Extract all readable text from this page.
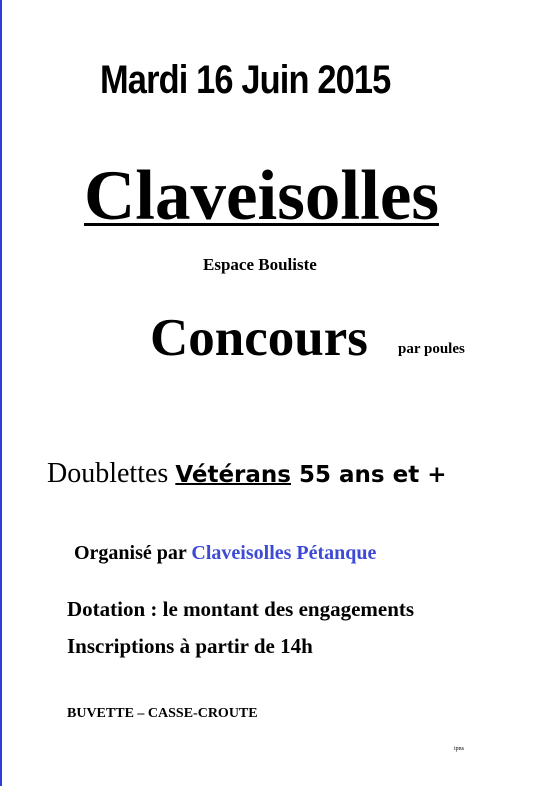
Mardi 16 Juin 2015
Claveisolles
Espace Bouliste
Concours par poules
Doublettes Vétérans 55 ans et +
Organisé par Claveisolles Pétanque
Dotation : le montant des engagements
Inscriptions à partir de 14h
BUVETTE – CASSE-CROUTE
ipns
